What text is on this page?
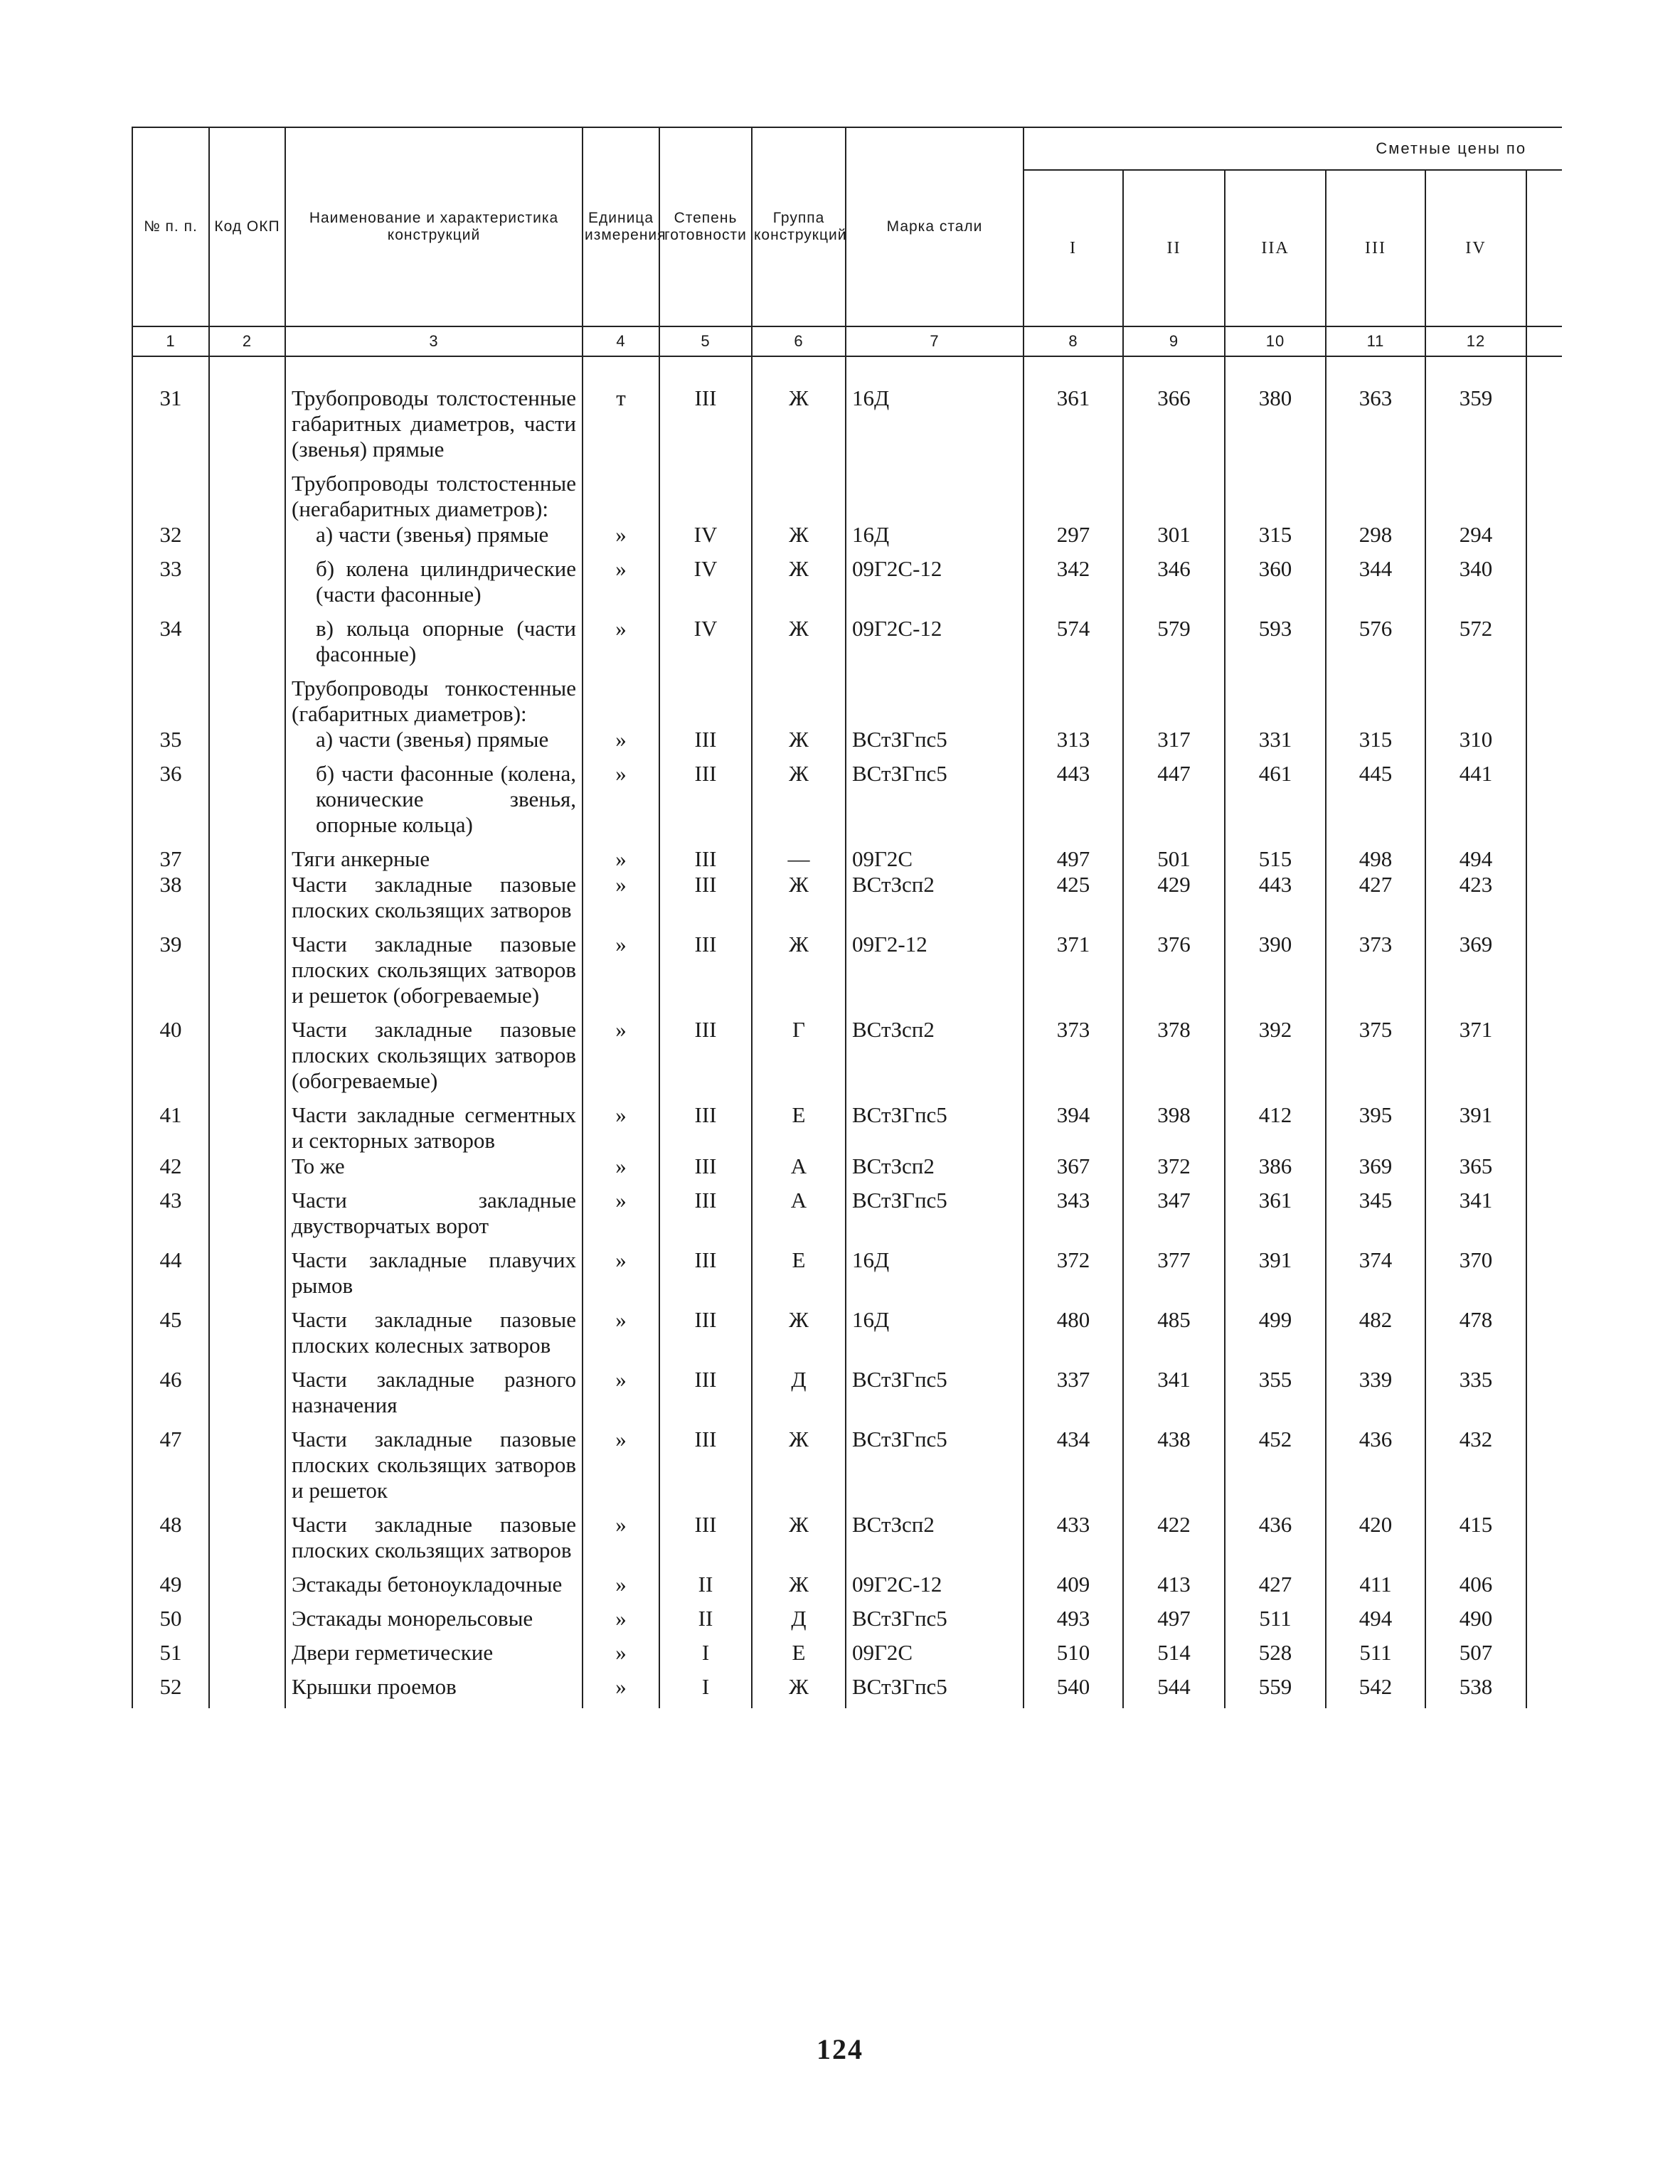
№ п. п.	Код ОКП	Наименование и характеристика конструкций	Единица измерения	Степень готовности	Группа конструкций	Марка стали	Сметные цены по					
							I	II	IIA	III	IV	
1	2	3	4	5	6	7	8	9	10	11	12	

31		Трубопроводы толстостенные габаритных диаметров, части (звенья) прямые	т	III	Ж	16Д	361	366	380	363	359	
		Трубопроводы толстостенные (негабаритных диаметров):										
32		а) части (звенья) прямые	»	IV	Ж	16Д	297	301	315	298	294	
33		б) колена цилиндрические (части фасонные)	»	IV	Ж	09Г2С-12	342	346	360	344	340	
34		в) кольца опорные (части фасонные)	»	IV	Ж	09Г2С-12	574	579	593	576	572	
		Трубопроводы тонкостенные (габаритных диаметров):										
35		а) части (звенья) прямые	»	III	Ж	ВСтЗГпс5	313	317	331	315	310	
36		б) части фасонные (колена, конические звенья, опорные кольца)	»	III	Ж	ВСтЗГпс5	443	447	461	445	441	
37		Тяги анкерные	»	III	—	09Г2С	497	501	515	498	494	
38		Части закладные пазовые плоских скользящих затворов	»	III	Ж	ВСтЗсп2	425	429	443	427	423	
39		Части закладные пазовые плоских скользящих затворов и решеток (обогреваемые)	»	III	Ж	09Г2-12	371	376	390	373	369	
40		Части закладные пазовые плоских скользящих затворов (обогреваемые)	»	III	Г	ВСтЗсп2	373	378	392	375	371	
41		Части закладные сегментных и секторных затворов	»	III	Е	ВСтЗГпс5	394	398	412	395	391	
42		То же	»	III	А	ВСтЗсп2	367	372	386	369	365	
43		Части закладные двустворчатых ворот	»	III	А	ВСтЗГпс5	343	347	361	345	341	
44		Части закладные плавучих рымов	»	III	Е	16Д	372	377	391	374	370	
45		Части закладные пазовые плоских колесных затворов	»	III	Ж	16Д	480	485	499	482	478	
46		Части закладные разного назначения	»	III	Д	ВСтЗГпс5	337	341	355	339	335	
47		Части закладные пазовые плоских скользящих затворов и решеток	»	III	Ж	ВСтЗГпс5	434	438	452	436	432	
48		Части закладные пазовые плоских скользящих затворов	»	III	Ж	ВСтЗсп2	433	422	436	420	415	
49		Эстакады бетоноукладочные	»	II	Ж	09Г2С-12	409	413	427	411	406	
50		Эстакады монорельсовые	»	II	Д	ВСтЗГпс5	493	497	511	494	490	
51		Двери герметические	»	I	Е	09Г2С	510	514	528	511	507	
52		Крышки проемов	»	I	Ж	ВСтЗГпс5	540	544	559	542	538	
124
